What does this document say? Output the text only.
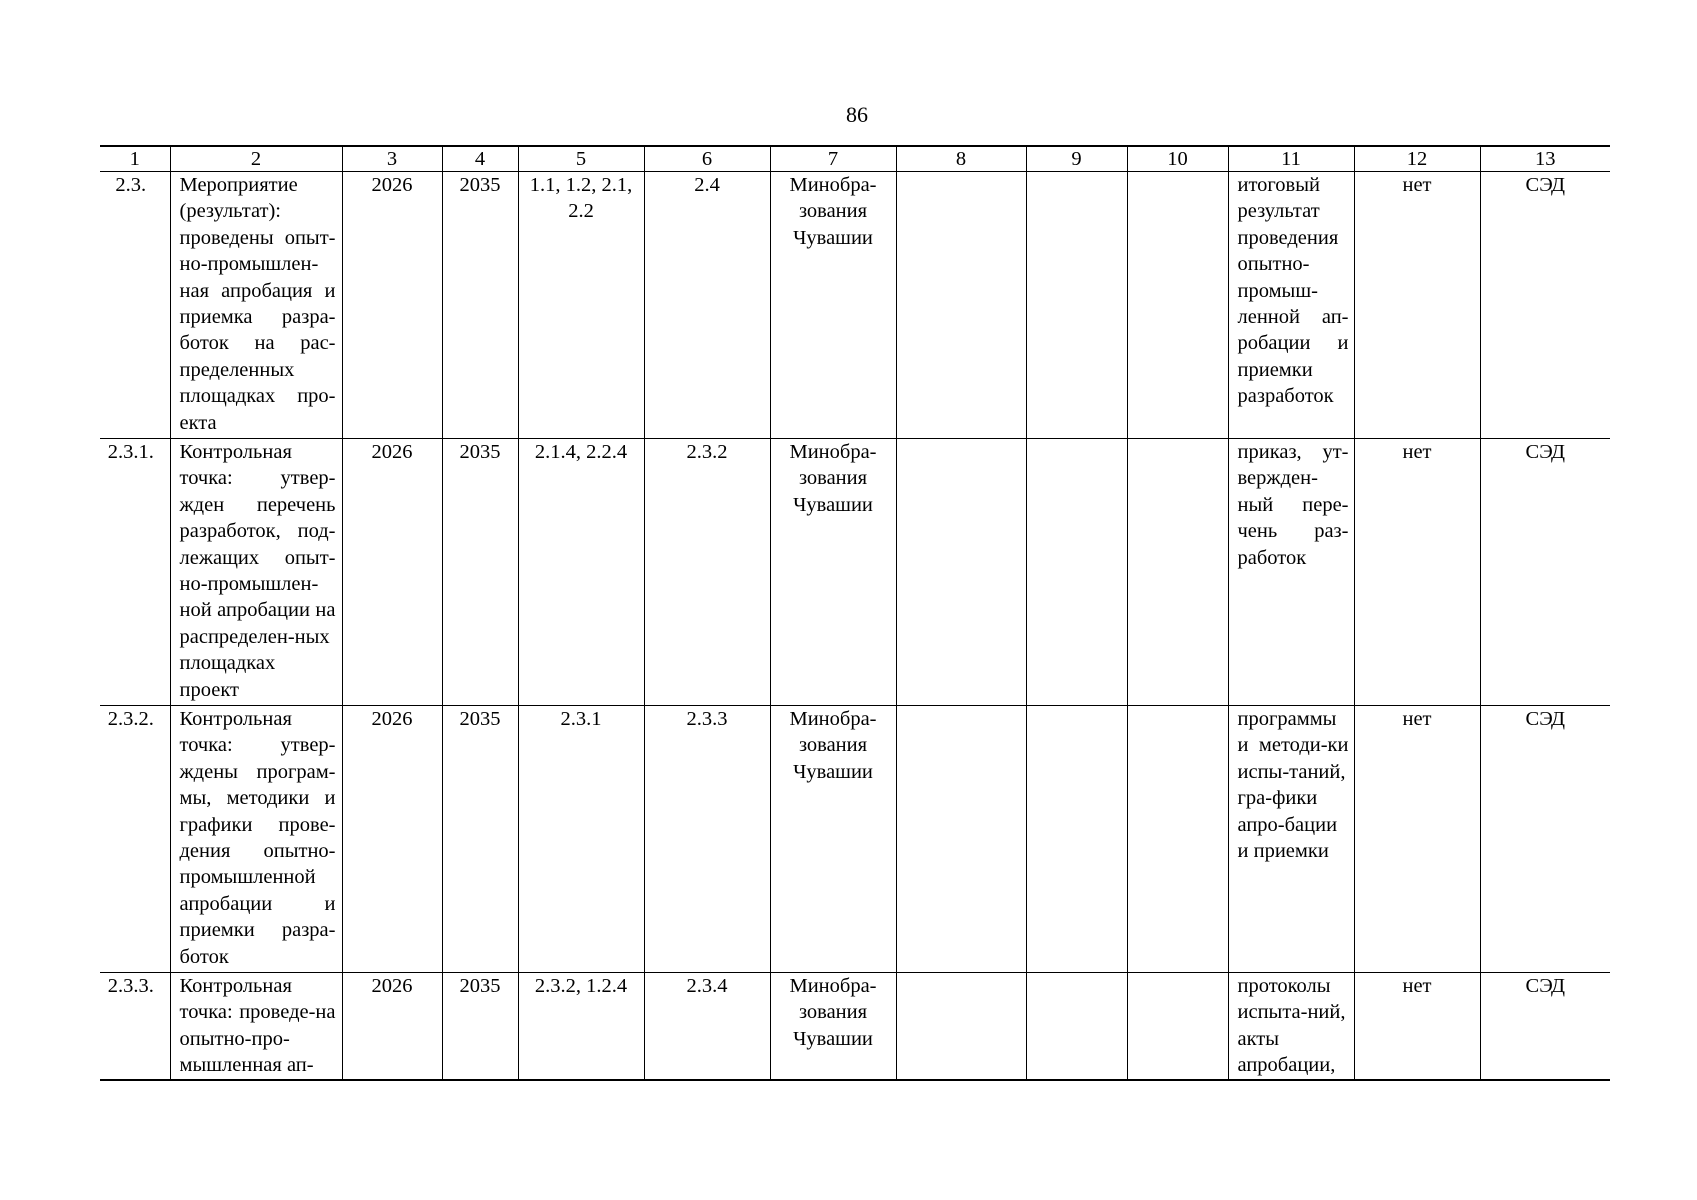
86
1	2	3	4	5	6	7	8	9	10	11	12	13
2.3.	Мероприятие (результат): проведены опыт-но-промышлен-ная апробация и приемка разра-боток на рас-пределенных площадках про-екта	2026	2035	1.1, 1.2, 2.1, 2.2	2.4	Минобра-зования Чувашии				итоговый результат проведения опытно-промыш-ленной ап-робации и приемки разработок	нет	СЭД
2.3.1.	Контрольная точка: утвер-жден перечень разработок, под-лежащих опыт-но-промышлен-ной апробации на распределен-ных площадках проект	2026	2035	2.1.4, 2.2.4	2.3.2	Минобра-зования Чувашии				приказ, ут-вержден-ный пере-чень раз-работок	нет	СЭД
2.3.2.	Контрольная точка: утвер-ждены програм-мы, методики и графики прове-дения опытно-промышленной апробации и приемки разра-боток	2026	2035	2.3.1	2.3.3	Минобра-зования Чувашии				программы и методи-ки испы-таний, гра-фики апро-бации и приемки	нет	СЭД
2.3.3.	Контрольная точка: проведе-на опытно-про-мышленная ап-	2026	2035	2.3.2, 1.2.4	2.3.4	Минобра-зования Чувашии				протоколы испыта-ний, акты апробации,	нет	СЭД
